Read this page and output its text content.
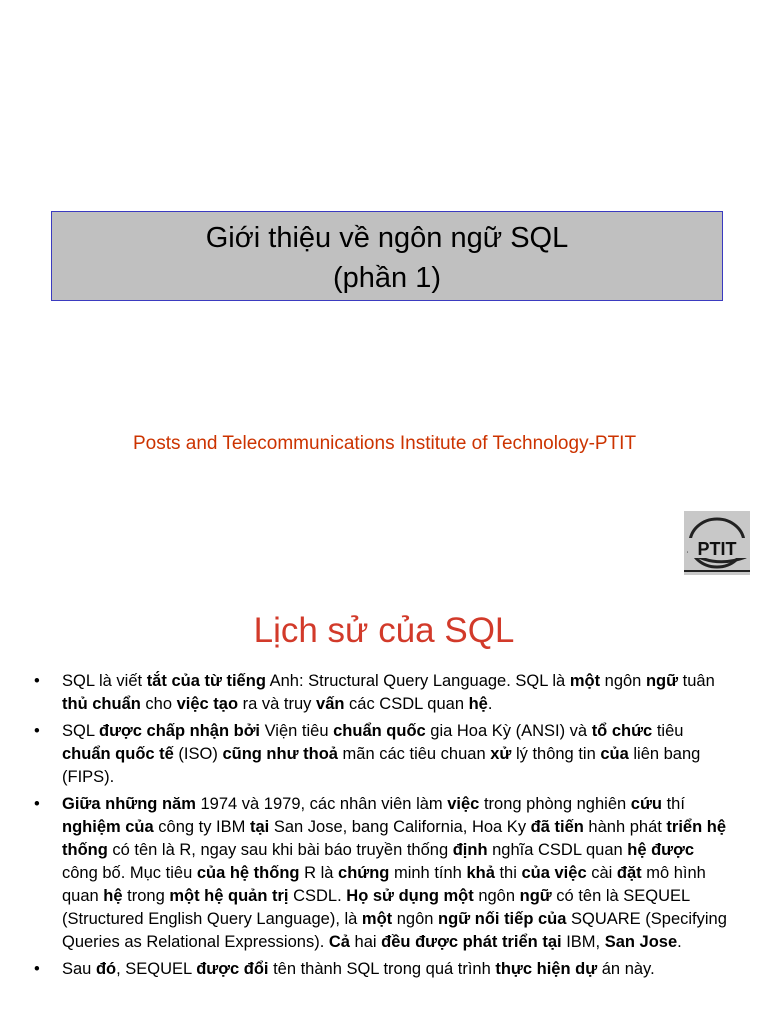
Giới thiệu về ngôn ngữ SQL
(phần 1)
Posts and Telecommunications Institute of Technology-PTIT
PTIT
Lịch sử của SQL
• SQL là viết tắt của từ tiếng Anh: Structural Query Language. SQL là một ngôn ngữ tuân thủ chuẩn cho việc tạo ra và truy vấn các CSDL quan hệ.
• SQL được chấp nhận bởi Viện tiêu chuẩn quốc gia Hoa Kỳ (ANSI) và tổ chức tiêu chuẩn quốc tế (ISO) cũng như thoả mãn các tiêu chuan xử lý thông tin của liên bang (FIPS).
• Giữa những năm 1974 và 1979, các nhân viên làm việc trong phòng nghiên cứu thí nghiệm của công ty IBM tại San Jose, bang California, Hoa Ky đã tiến hành phát triển hệ thống có tên là R, ngay sau khi bài báo truyền thống định nghĩa CSDL quan hệ được công bố. Mục tiêu của hệ thống R là chứng minh tính khả thi của việc cài đặt mô hình quan hệ trong một hệ quản trị CSDL. Họ sử dụng một ngôn ngữ có tên là SEQUEL (Structured English Query Language), là một ngôn ngữ nối tiếp của SQUARE (Specifying Queries as Relational Expressions). Cả hai đều được phát triển tại IBM, San Jose.
• Sau đó, SEQUEL được đổi tên thành SQL trong quá trình thực hiện dự án này.
